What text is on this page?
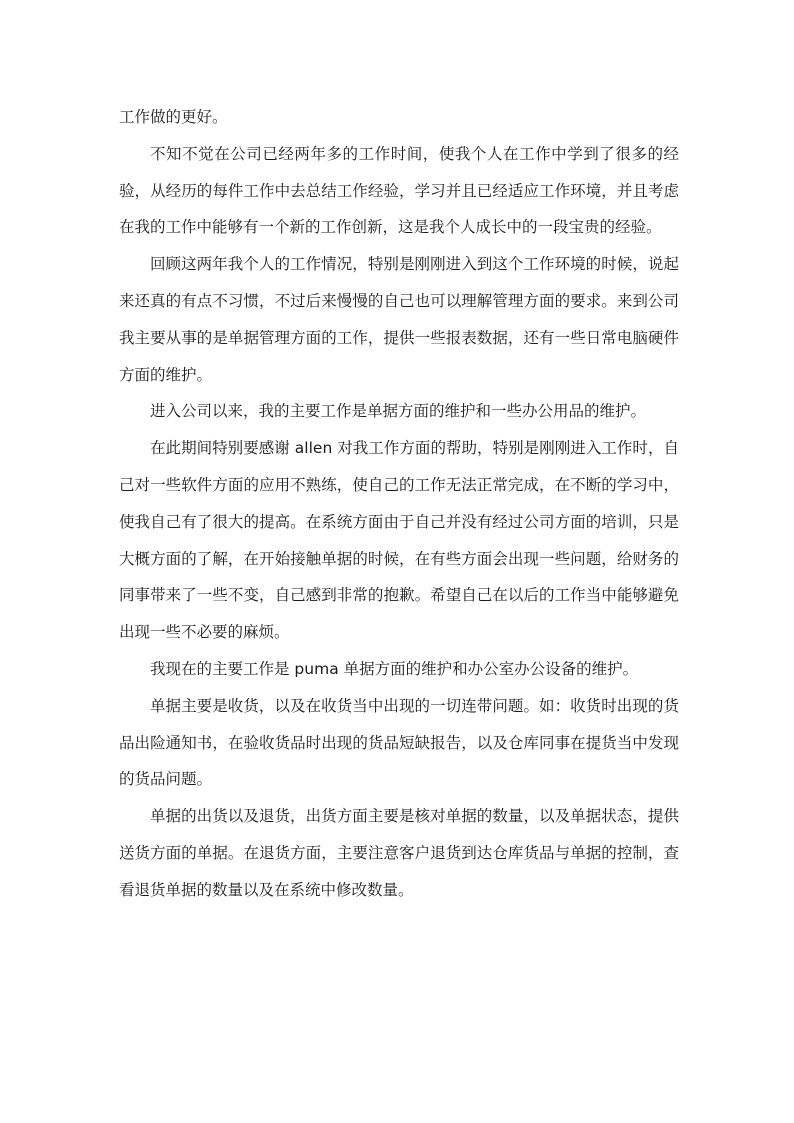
工作做的更好。

不知不觉在公司已经两年多的工作时间，使我个人在工作中学到了很多的经验，从经历的每件工作中去总结工作经验，学习并且已经适应工作环境，并且考虑在我的工作中能够有一个新的工作创新，这是我个人成长中的一段宝贵的经验。

回顾这两年我个人的工作情况，特别是刚刚进入到这个工作环境的时候，说起来还真的有点不习惯，不过后来慢慢的自己也可以理解管理方面的要求。来到公司我主要从事的是单据管理方面的工作，提供一些报表数据，还有一些日常电脑硬件方面的维护。

进入公司以来，我的主要工作是单据方面的维护和一些办公用品的维护。

在此期间特别要感谢 allen 对我工作方面的帮助，特别是刚刚进入工作时，自己对一些软件方面的应用不熟练，使自己的工作无法正常完成，在不断的学习中，使我自己有了很大的提高。在系统方面由于自己并没有经过公司方面的培训，只是大概方面的了解，在开始接触单据的时候，在有些方面会出现一些问题，给财务的同事带来了一些不变，自己感到非常的抱歉。希望自己在以后的工作当中能够避免出现一些不必要的麻烦。

我现在的主要工作是 puma 单据方面的维护和办公室办公设备的维护。

单据主要是收货，以及在收货当中出现的一切连带问题。如：收货时出现的货品出险通知书，在验收货品时出现的货品短缺报告，以及仓库同事在提货当中发现的货品问题。

单据的出货以及退货，出货方面主要是核对单据的数量，以及单据状态，提供送货方面的单据。在退货方面，主要注意客户退货到达仓库货品与单据的控制，查看退货单据的数量以及在系统中修改数量。
